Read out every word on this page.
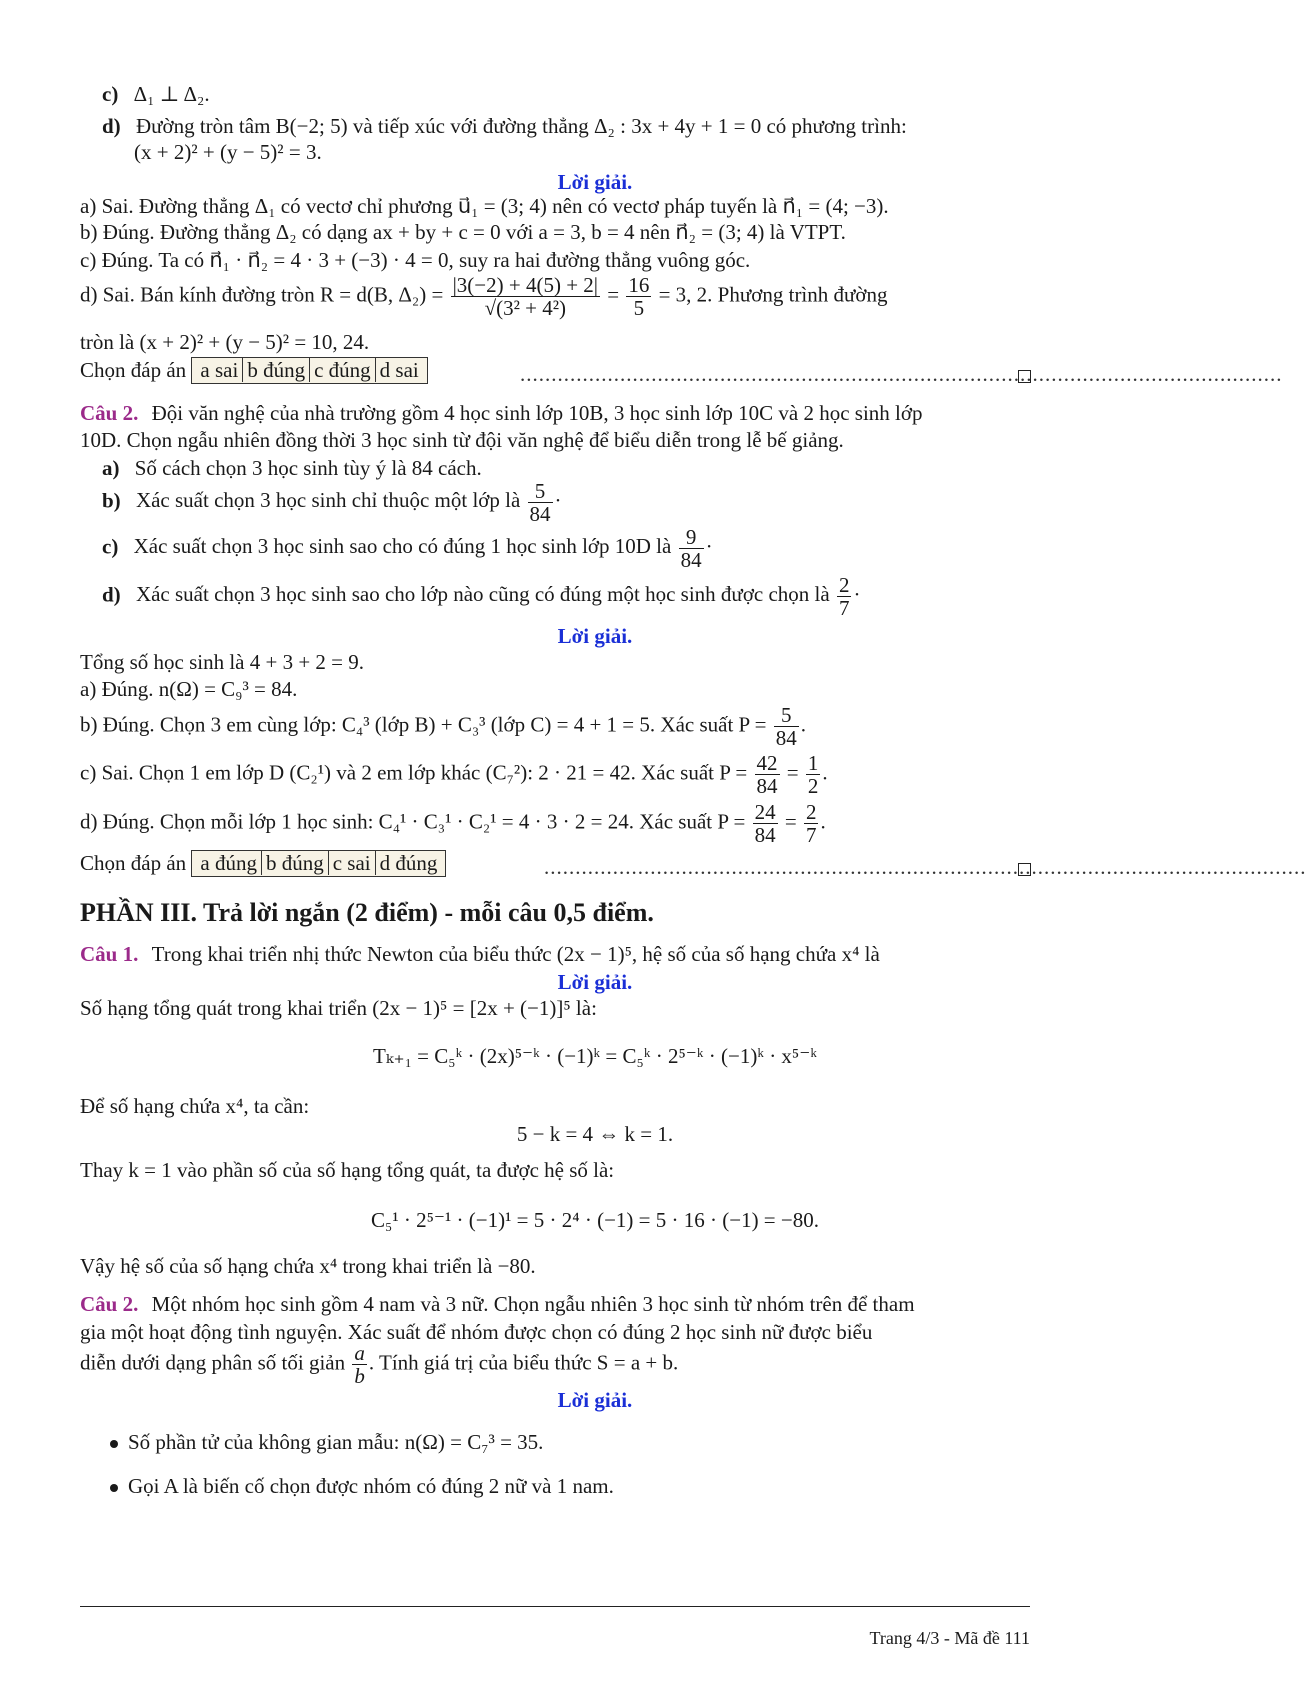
c) Δ₁ ⊥ Δ₂.
d) Đường tròn tâm B(−2; 5) và tiếp xúc với đường thẳng Δ₂ : 3x + 4y + 1 = 0 có phương trình:
(x + 2)² + (y − 5)² = 3.
Lời giải.
a) Sai. Đường thẳng Δ₁ có vectơ chỉ phương u⃗₁ = (3; 4) nên có vectơ pháp tuyến là n⃗₁ = (4; −3).
b) Đúng. Đường thẳng Δ₂ có dạng ax + by + c = 0 với a = 3, b = 4 nên n⃗₂ = (3; 4) là VTPT.
c) Đúng. Ta có n⃗₁ · n⃗₂ = 4 · 3 + (−3) · 4 = 0, suy ra hai đường thẳng vuông góc.
d) Sai. Bán kính đường tròn R = d(B, $\Delta_2) = \frac{|3(-2) + 4(5) + 2|}{\text{√(3² + 4²)}} = \frac{16}{5} = 3$, 2. Phương trình đường
tròn là (x + 2)² + (y − 5)² = 10, 24.
Chọn đáp án a sai b đúng c đúng d sai	..........................................................................................................................
Câu 2. Đội văn nghệ của nhà trường gồm 4 học sinh lớp 10B, 3 học sinh lớp 10C và 2 học sinh lớp
10D. Chọn ngẫu nhiên đồng thời 3 học sinh từ đội văn nghệ để biểu diễn trong lễ bế giảng.
a) Số cách chọn 3 học sinh tùy ý là 84 cách.
b) Xác suất chọn 3 học sinh chỉ thuộc một lớp là $\frac{5}{84}$ ·
c) Xác suất chọn 3 học sinh sao cho có đúng 1 học sinh lớp 10D là $\frac{9}{84}$ ·
d) Xác suất chọn 3 học sinh sao cho lớp nào cũng có đúng một học sinh được chọn là $\frac{2}{7}$ ·
Lời giải.
Tổng số học sinh là 4 + 3 + 2 = 9.
a) Đúng. n(Ω) = C₉³ = 84.
b) Đúng. Chọn 3 em cùng lớp: C₄³ (lớp B) + C₃³ (lớp C) = 4 + 1 = 5. Xác suất $P = \frac{5}{84}$ .
c) Sai. Chọn 1 em lớp D (C₂¹) và 2 em lớp khác (C₇²): 2 · 21 = 42. Xác suất $P = \frac{42}{84} = \frac{1}{2}$ .
d) Đúng. Chọn mỗi lớp 1 học sinh: C₄¹ · C₃¹ · C₂¹ = 4 · 3 · 2 = 24. Xác suất $P = \frac{24}{84} = \frac{2}{7}$ .
Chọn đáp án a đúng b đúng c sai d đúng	..........................................................................................................................
PHẦN III. Trả lời ngắn (2 điểm) - mỗi câu 0,5 điểm.
Câu 1. Trong khai triển nhị thức Newton của biểu thức (2x − 1)⁵, hệ số của số hạng chứa x⁴ là
Lời giải.
Số hạng tổng quát trong khai triển (2x − 1)⁵ = [2x + (−1)]⁵ là:
Tₖ₊₁ = C₅ᵏ · (2x)⁵⁻ᵏ · (−1)ᵏ = C₅ᵏ · 2⁵⁻ᵏ · (−1)ᵏ · x⁵⁻ᵏ
Để số hạng chứa x⁴, ta cần:
5 − k = 4 ⇔ k = 1.
Thay k = 1 vào phần số của số hạng tổng quát, ta được hệ số là:
C₅¹ · 2⁵⁻¹ · (−1)¹ = 5 · 2⁴ · (−1) = 5 · 16 · (−1) = −80.
Vậy hệ số của số hạng chứa x⁴ trong khai triển là −80.
Câu 2. Một nhóm học sinh gồm 4 nam và 3 nữ. Chọn ngẫu nhiên 3 học sinh từ nhóm trên để tham
gia một hoạt động tình nguyện. Xác suất để nhóm được chọn có đúng 2 học sinh nữ được biểu
diễn dưới dạng phân số tối giản $\frac{a}{b}$ . Tính giá trị của biểu thức S = a + b.
Lời giải.
Số phần tử của không gian mẫu: n(Ω) = C₇³ = 35.
Gọi A là biến cố chọn được nhóm có đúng 2 nữ và 1 nam.
Trang 4/3 - Mã đề 111
